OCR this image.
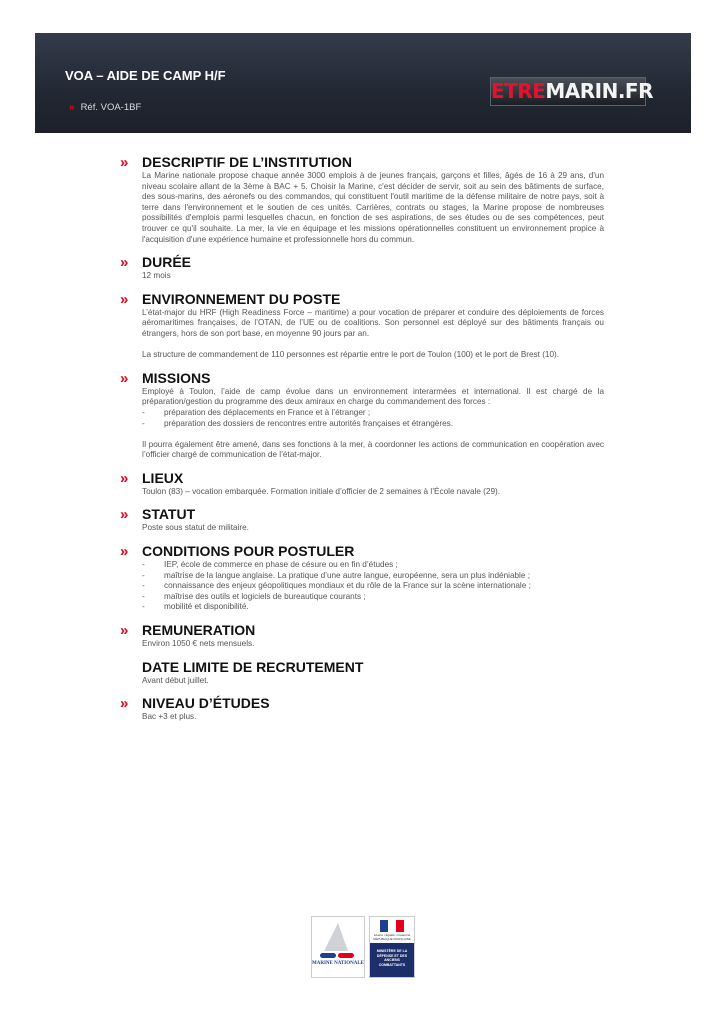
VOA – AIDE DE CAMP H/F
» Réf. VOA-1BF
ETREMARIN.FR
»	DESCRIPTIF DE L’INSTITUTION

La Marine nationale propose chaque année 3000 emplois à de jeunes français, garçons et filles, âgés de 16 à 29 ans, d'un niveau scolaire allant de la 3ème à BAC + 5. Choisir la Marine, c'est décider de servir, soit au sein des bâtiments de surface, des sous-marins, des aéronefs ou des commandos, qui constituent l'outil maritime de la défense militaire de notre pays, soit à terre dans l'environnement et le soutien de ces unités. Carrières, contrats ou stages, la Marine propose de nombreuses possibilités d'emplois parmi lesquelles chacun, en fonction de ses aspirations, de ses études ou de ses compétences, peut trouver ce qu'il souhaite. La mer, la vie en équipage et les missions opérationnelles constituent un environnement propice à l'acquisition d'une expérience humaine et professionnelle hors du commun.

»	DURÉE

12 mois

»	ENVIRONNEMENT DU POSTE

L’état-major du HRF (High Readiness Force – maritime) a pour vocation de préparer et conduire des déploiements de forces aéromaritimes françaises, de l’OTAN, de l’UE ou de coalitions. Son personnel est déployé sur des bâtiments français ou étrangers, hors de son port base, en moyenne 90 jours par an.

La structure de commandement de 110 personnes est répartie entre le port de Toulon (100) et le port de Brest (10).

»	MISSIONS

Employé à Toulon, l’aide de camp évolue dans un environnement interarmées et international. Il est chargé de la préparation/gestion du programme des deux amiraux en charge du commandement des forces :

- préparation des déplacements en France et à l’étranger ;
- préparation des dossiers de rencontres entre autorités françaises et étrangères.

Il pourra également être amené, dans ses fonctions à la mer, à coordonner les actions de communication en coopération avec l’officier chargé de communication de l’état-major.

»	LIEUX

Toulon (83) – vocation embarquée. Formation initiale d’officier de 2 semaines à l’École navale (29).

»	STATUT

Poste sous statut de militaire.

»	CONDITIONS POUR POSTULER
- IEP, école de commerce en phase de césure ou en fin d’études ;
- maîtrise de la langue anglaise. La pratique d’une autre langue, européenne, sera un plus indéniable ;
- connaissance des enjeux géopolitiques mondiaux et du rôle de la France sur la scène internationale ;
- maîtrise des outils et logiciels de bureautique courants ;
- mobilité et disponibilité.
»	REMUNERATION

Environ 1050 € nets mensuels.

DATE LIMITE DE RECRUTEMENT

Avant début juillet.

»	NIVEAU D’ÉTUDES

Bac +3 et plus.

MARINE NATIONALE
Liberté • Égalité • Fraternité RÉPUBLIQUE FRANÇAISE
MINISTÈRE DE LA DÉFENSE ET DES ANCIENS COMBATTANTS
